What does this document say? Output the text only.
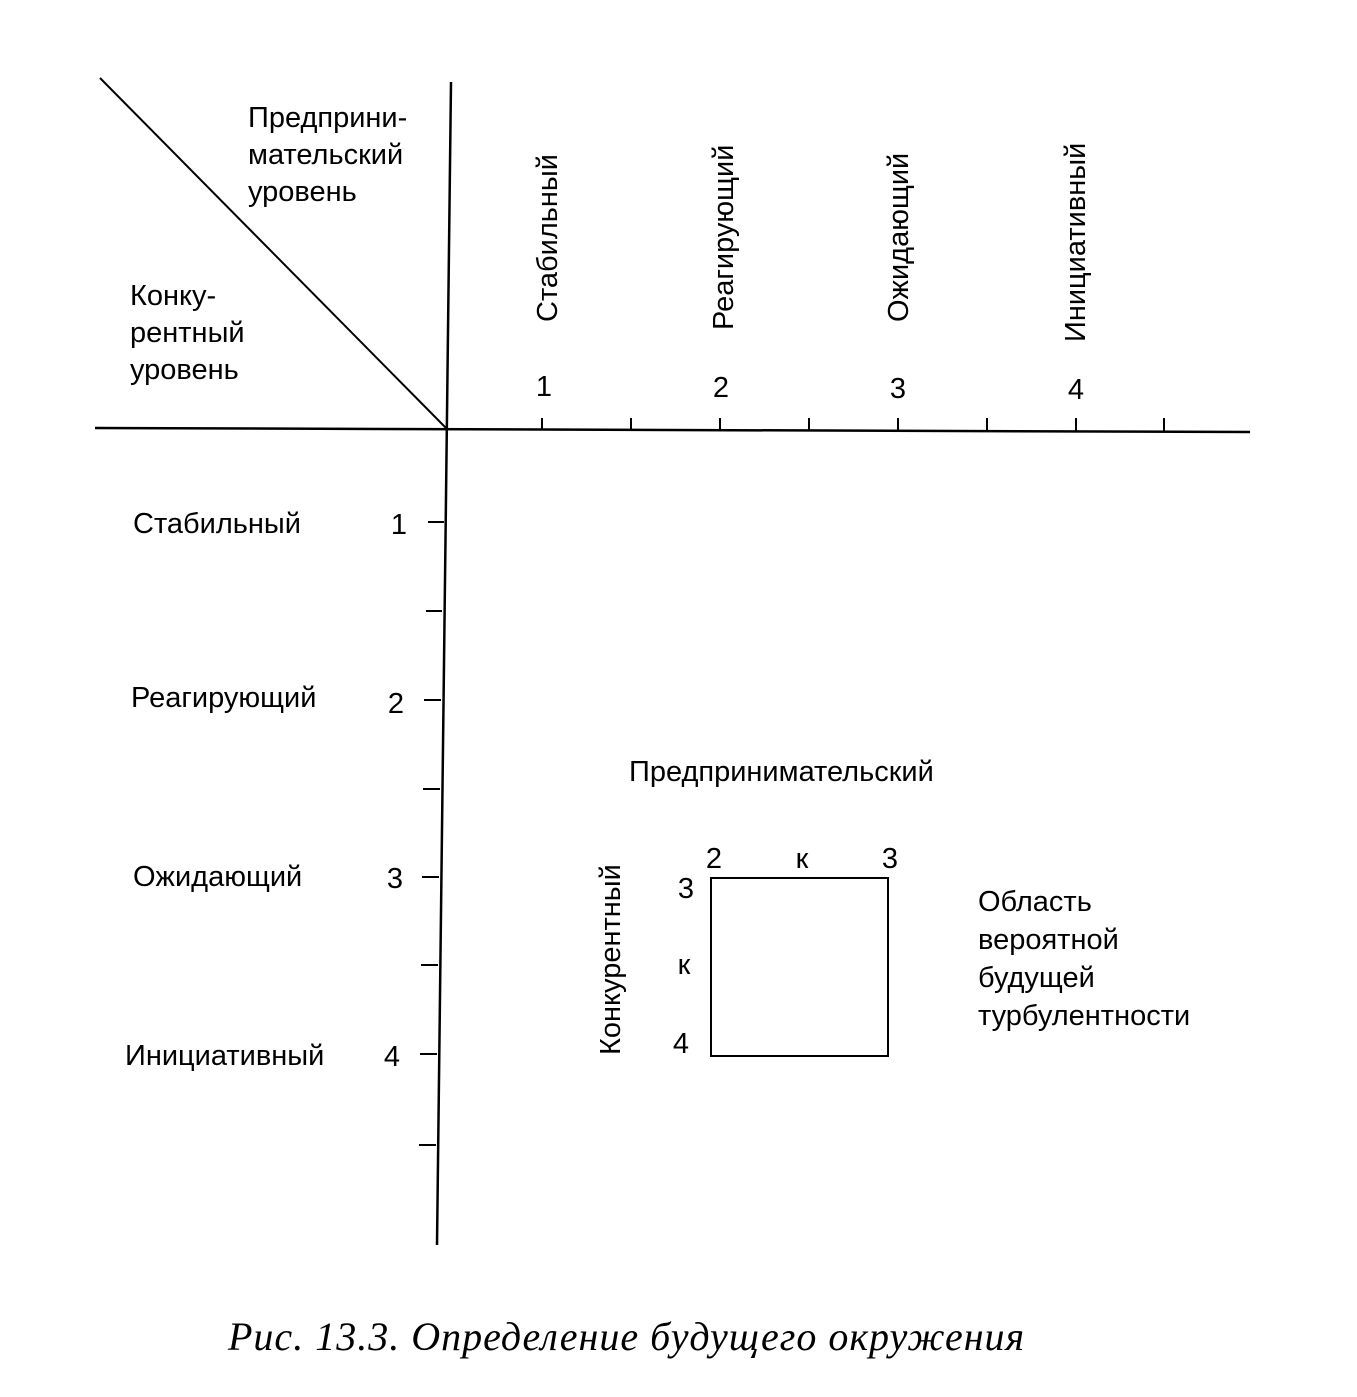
Предприни- мательский уровень
Конку- рентный уровень
Стабильный	Реагирующий	Ожидающий	Инициативный
1	2	3	4
Стабильный
Реагирующий
Ожидающий
Инициативный
1
2
3
4
Предпринимательский
Конкурентный
2	к	3
3
к
4
Область вероятной будущей турбулентности
Рис. 13.3. Определение будущего окружения
